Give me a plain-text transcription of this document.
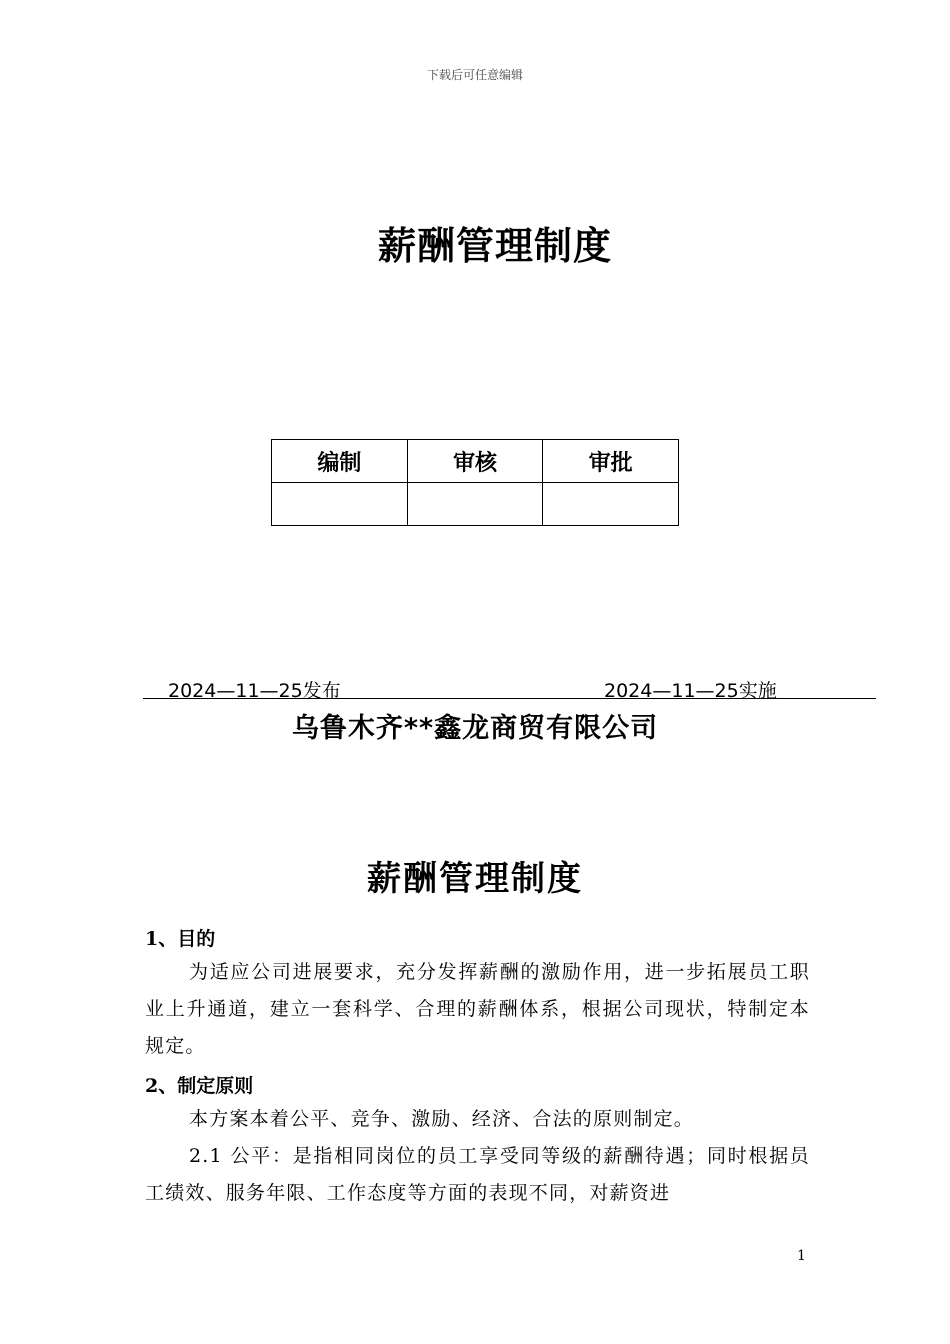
下载后可任意编辑
薪酬管理制度
编制	审核	审批

2024—11—25发布	2024—11—25实施
乌鲁木齐**鑫龙商贸有限公司
薪酬管理制度
1、目的
为适应公司进展要求，充分发挥薪酬的激励作用，进一步拓展员工职业上升通道，建立一套科学、合理的薪酬体系，根据公司现状，特制定本规定。
2、制定原则
本方案本着公平、竞争、激励、经济、合法的原则制定。
2.1 公平：是指相同岗位的员工享受同等级的薪酬待遇；同时根据员工绩效、服务年限、工作态度等方面的表现不同，对薪资进
1
